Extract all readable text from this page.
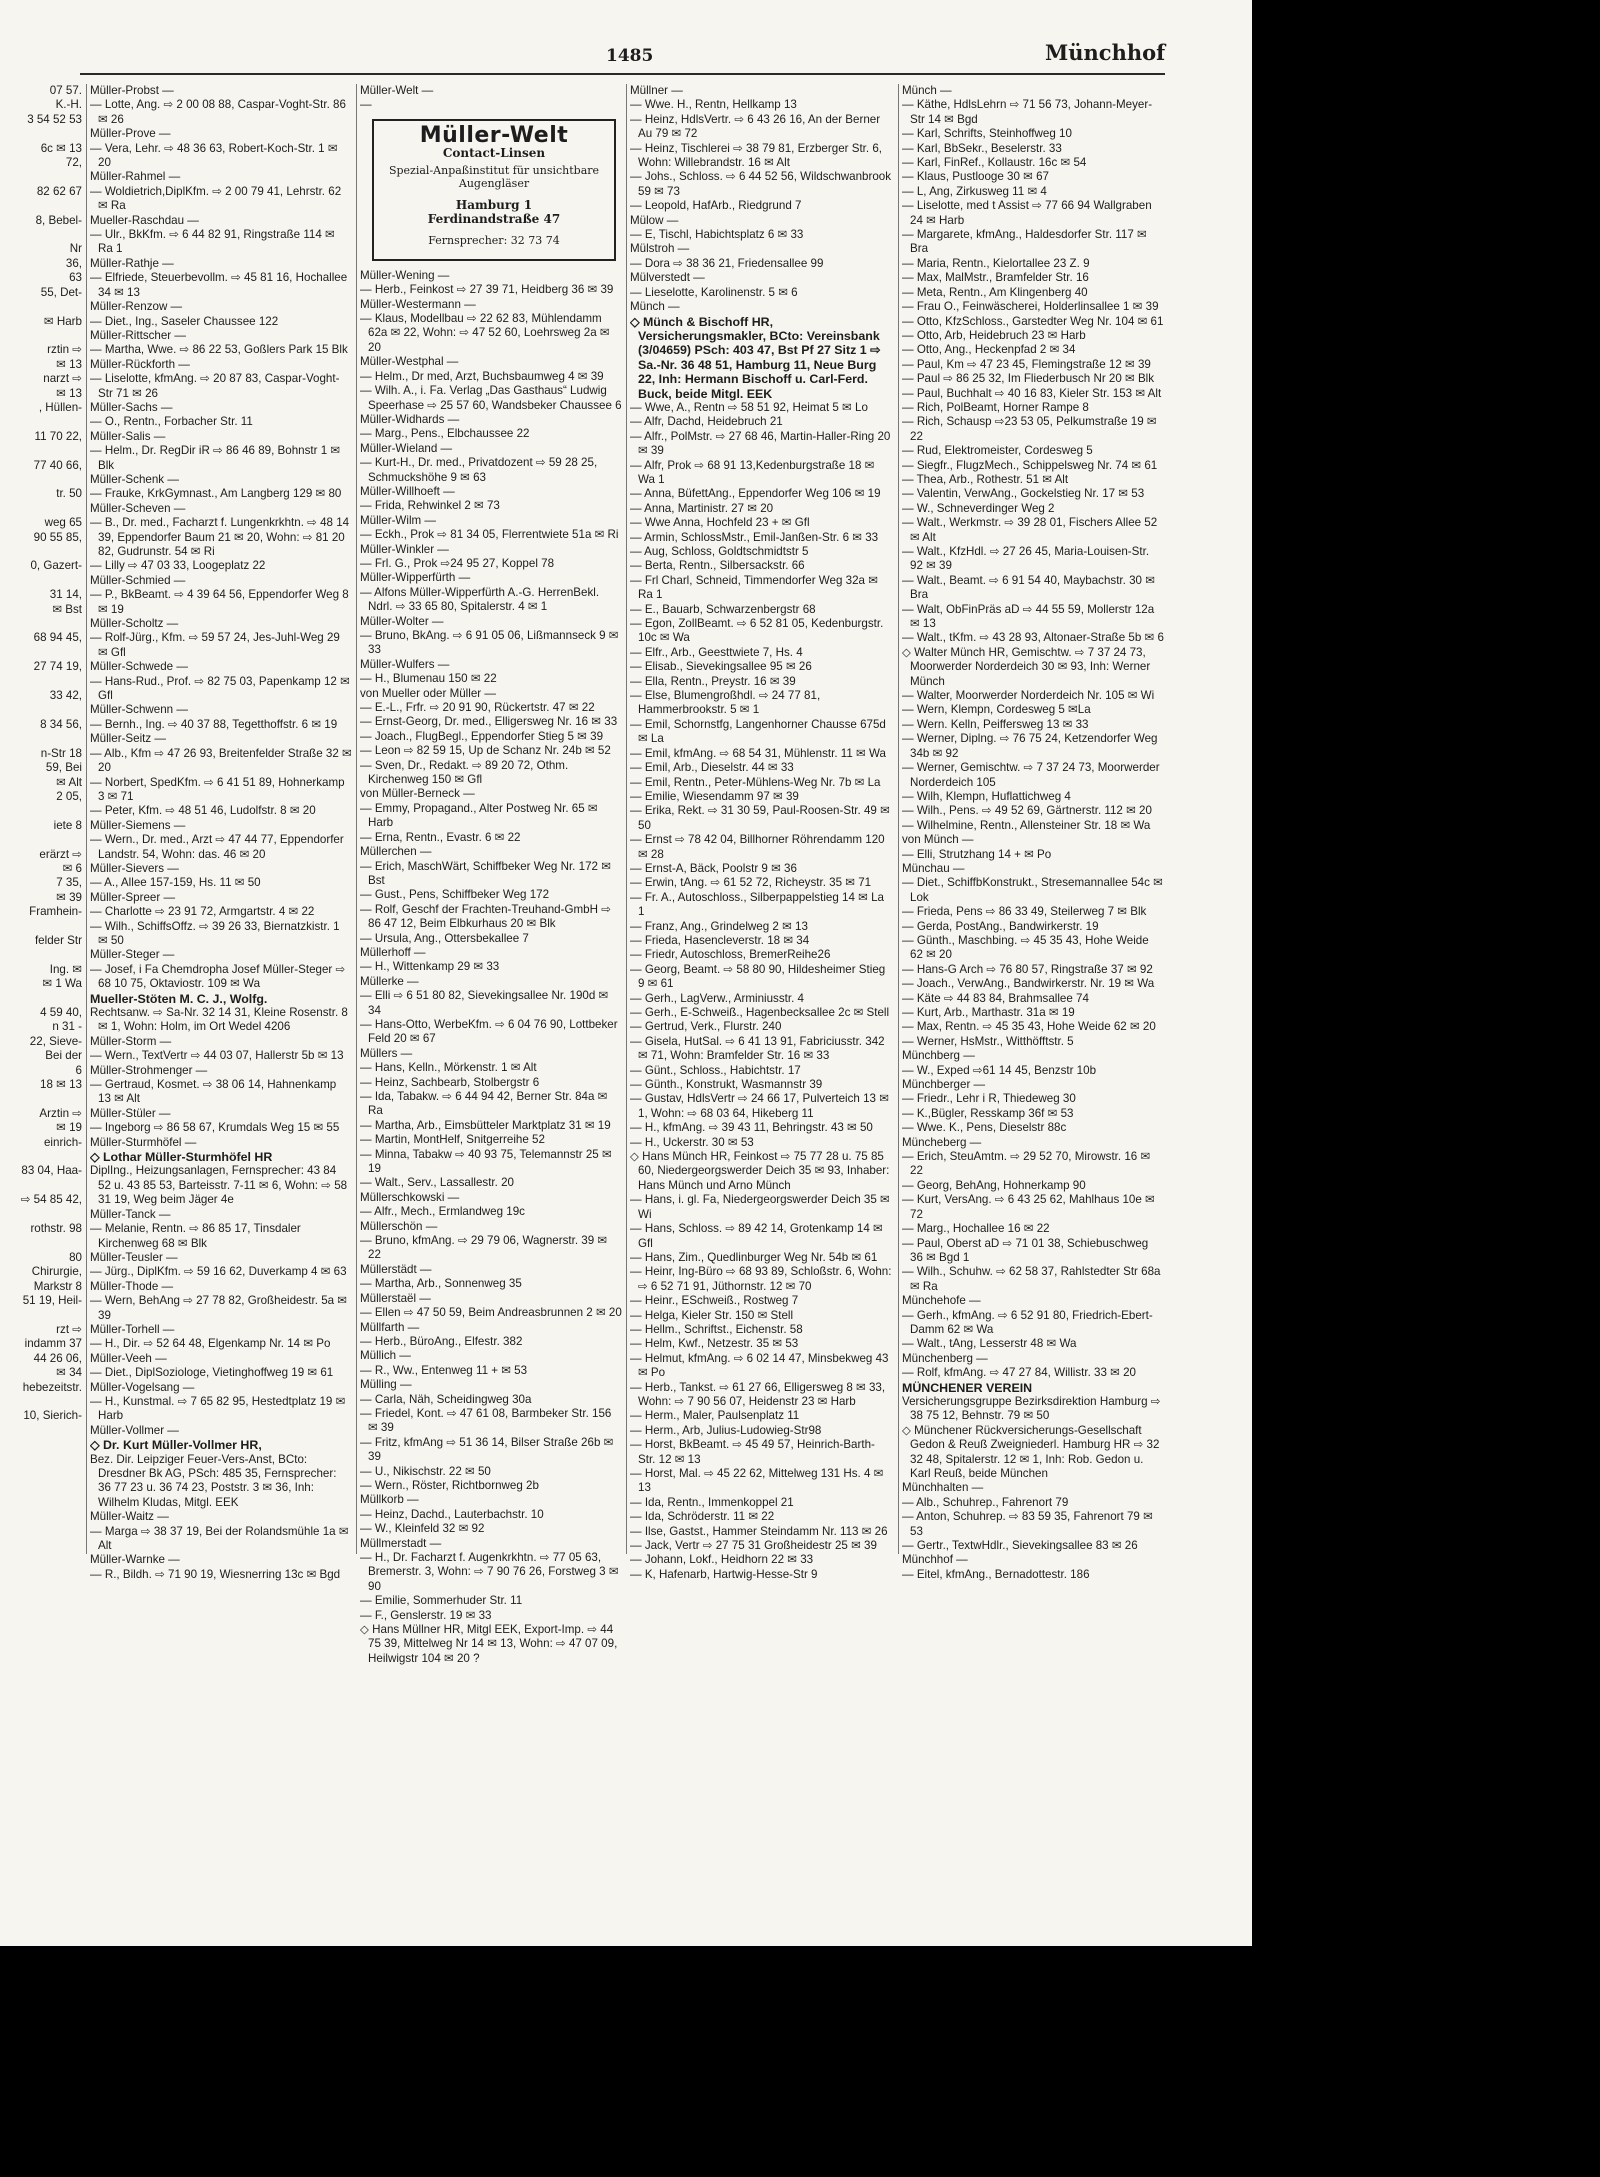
1485	Münchhof
07 57.
K.-H.
3 54 52 53

6c ✉ 13
72,

82 62 67

8, Bebel-

Nr
36,
63
55, Det-

✉ Harb

rztin ⇨
✉ 13
narzt ⇨
✉ 13
, Hüllen-

11 70 22,

77 40 66,

tr. 50

weg 65
90 55 85,

0, Gazert-

31 14,
✉ Bst

68 94 45,

27 74 19,

33 42,

8 34 56,

n-Str 18
59, Bei
✉ Alt
2 05,

iete 8

erärzt ⇨
✉ 6
7 35,
✉ 39
Framhein-

felder Str

Ing. ✉
✉ 1 Wa

4 59 40,
n 31 -
22, Sieve-
Bei der
6
18 ✉ 13

Arztin ⇨
✉ 19
einrich-

83 04, Haa-

⇨ 54 85 42,

rothstr. 98

80
Chirurgie,
Markstr 8
51 19, Heil-

rzt ⇨
indamm 37
44 26 06,
✉ 34
hebezeitstr.

10, Sierich-
Müller-Probst —
— Lotte, Ang. ⇨ 2 00 08 88, Caspar-Voght-Str. 86 ✉ 26
Müller-Prove —
— Vera, Lehr. ⇨ 48 36 63, Robert-Koch-Str. 1 ✉ 20
Müller-Rahmel —
— Woldietrich,DiplKfm. ⇨ 2 00 79 41, Lehrstr. 62 ✉ Ra
Mueller-Raschdau —
— Ulr., BkKfm. ⇨ 6 44 82 91, Ringstraße 114 ✉ Ra 1
Müller-Rathje —
— Elfriede, Steuerbevollm. ⇨ 45 81 16, Hochallee 34 ✉ 13
Müller-Renzow —
— Diet., Ing., Saseler Chaussee 122
Müller-Rittscher —
— Martha, Wwe. ⇨ 86 22 53, Goßlers Park 15 Blk
Müller-Rückforth —
— Liselotte, kfmAng. ⇨ 20 87 83, Caspar-Voght-Str 71 ✉ 26
Müller-Sachs —
— O., Rentn., Forbacher Str. 11
Müller-Salis —
— Helm., Dr. RegDir iR ⇨ 86 46 89, Bohnstr 1 ✉ Blk
Müller-Schenk —
— Frauke, KrkGymnast., Am Langberg 129 ✉ 80
Müller-Scheven —
— B., Dr. med., Facharzt f. Lungenkrkhtn. ⇨ 48 14 39, Eppendorfer Baum 21 ✉ 20, Wohn: ⇨ 81 20 82, Gudrunstr. 54 ✉ Ri
— Lilly ⇨ 47 03 33, Loogeplatz 22
Müller-Schmied —
— P., BkBeamt. ⇨ 4 39 64 56, Eppendorfer Weg 8 ✉ 19
Müller-Scholtz —
— Rolf-Jürg., Kfm. ⇨ 59 57 24, Jes-Juhl-Weg 29 ✉ Gfl
Müller-Schwede —
— Hans-Rud., Prof. ⇨ 82 75 03, Papenkamp 12 ✉ Gfl
Müller-Schwenn —
— Bernh., Ing. ⇨ 40 37 88, Tegetthoffstr. 6 ✉ 19
Müller-Seitz —
— Alb., Kfm ⇨ 47 26 93, Breitenfelder Straße 32 ✉ 20
— Norbert, SpedKfm. ⇨ 6 41 51 89, Hohnerkamp 3 ✉ 71
— Peter, Kfm. ⇨ 48 51 46, Ludolfstr. 8 ✉ 20
Müller-Siemens —
— Wern., Dr. med., Arzt ⇨ 47 44 77, Eppendorfer Landstr. 54, Wohn: das. 46 ✉ 20
Müller-Sievers —
— A., Allee 157-159, Hs. 11 ✉ 50
Müller-Spreer —
— Charlotte ⇨ 23 91 72, Armgartstr. 4 ✉ 22
— Wilh., SchiffsOffz. ⇨ 39 26 33, Biernatzkistr. 1 ✉ 50
Müller-Steger —
— Josef, i Fa Chemdropha Josef Müller-Steger ⇨ 68 10 75, Oktaviostr. 109 ✉ Wa
Mueller-Stöten M. C. J., Wolfg.
Rechtsanw. ⇨ Sa-Nr. 32 14 31, Kleine Rosenstr. 8 ✉ 1, Wohn: Holm, im Ort Wedel 4206
Müller-Storm —
— Wern., TextVertr ⇨ 44 03 07, Hallerstr 5b ✉ 13
Müller-Strohmenger —
— Gertraud, Kosmet. ⇨ 38 06 14, Hahnenkamp 13 ✉ Alt
Müller-Stüler —
— Ingeborg ⇨ 86 58 67, Krumdals Weg 15 ✉ 55
Müller-Sturmhöfel —
◇ Lothar Müller-Sturmhöfel HR
DiplIng., Heizungsanlagen, Fernsprecher: 43 84 52 u. 43 85 53, Barteisstr. 7-11 ✉ 6, Wohn: ⇨ 58 31 19, Weg beim Jäger 4e
Müller-Tanck —
— Melanie, Rentn. ⇨ 86 85 17, Tinsdaler Kirchenweg 68 ✉ Blk
Müller-Teusler —
— Jürg., DiplKfm. ⇨ 59 16 62, Duverkamp 4 ✉ 63
Müller-Thode —
— Wern, BehAng ⇨ 27 78 82, Großheidestr. 5a ✉ 39
Müller-Torhell —
— H., Dir. ⇨ 52 64 48, Elgenkamp Nr. 14 ✉ Po
Müller-Veeh —
— Diet., DiplSoziologe, Vietinghoffweg 19 ✉ 61
Müller-Vogelsang —
— H., Kunstmal. ⇨ 7 65 82 95, Hestedtplatz 19 ✉ Harb
Müller-Vollmer —
◇ Dr. Kurt Müller-Vollmer HR,
Bez. Dir. Leipziger Feuer-Vers-Anst, BCto: Dresdner Bk AG, PSch: 485 35, Fernsprecher: 36 77 23 u. 36 74 23, Poststr. 3 ✉ 36, Inh: Wilhelm Kludas, Mitgl. EEK
Müller-Waitz —
— Marga ⇨ 38 37 19, Bei der Rolandsmühle 1a ✉ Alt
Müller-Warnke —
— R., Bildh. ⇨ 71 90 19, Wiesnerring 13c ✉ Bgd
Müller-Welt —
—
Müller-Welt
Contact-Linsen
Spezial-Anpaßinstitut für unsichtbare Augengläser
Hamburg 1
Ferdinandstraße 47
Fernsprecher: 32 73 74
Müller-Wening —
— Herb., Feinkost ⇨ 27 39 71, Heidberg 36 ✉ 39
Müller-Westermann —
— Klaus, Modellbau ⇨ 22 62 83, Mühlendamm 62a ✉ 22, Wohn: ⇨ 47 52 60, Loehrsweg 2a ✉ 20
Müller-Westphal —
— Helm., Dr med, Arzt, Buchsbaumweg 4 ✉ 39
— Wilh. A., i. Fa. Verlag „Das Gasthaus“ Ludwig Speerhase ⇨ 25 57 60, Wandsbeker Chaussee 6
Müller-Widhards —
— Marg., Pens., Elbchaussee 22
Müller-Wieland —
— Kurt-H., Dr. med., Privatdozent ⇨ 59 28 25, Schmuckshöhe 9 ✉ 63
Müller-Willhoeft —
— Frida, Rehwinkel 2 ✉ 73
Müller-Wilm —
— Eckh., Prok ⇨ 81 34 05, Flerrentwiete 51a ✉ Ri
Müller-Winkler —
— Frl. G., Prok ⇨24 95 27, Koppel 78
Müller-Wipperfürth —
— Alfons Müller-Wipperfürth A.-G. HerrenBekl. Ndrl. ⇨ 33 65 80, Spitalerstr. 4 ✉ 1
Müller-Wolter —
— Bruno, BkAng. ⇨ 6 91 05 06, Lißmannseck 9 ✉ 33
Müller-Wulfers —
— H., Blumenau 150 ✉ 22
von Mueller oder Müller —
— E.-L., Frfr. ⇨ 20 91 90, Rückertstr. 47 ✉ 22
— Ernst-Georg, Dr. med., Elligersweg Nr. 16 ✉ 33
— Joach., FlugBegl., Eppendorfer Stieg 5 ✉ 39
— Leon ⇨ 82 59 15, Up de Schanz Nr. 24b ✉ 52
— Sven, Dr., Redakt. ⇨ 89 20 72, Othm. Kirchenweg 150 ✉ Gfl
von Müller-Berneck —
— Emmy, Propagand., Alter Postweg Nr. 65 ✉ Harb
— Erna, Rentn., Evastr. 6 ✉ 22
Müllerchen —
— Erich, MaschWärt, Schiffbeker Weg Nr. 172 ✉ Bst
— Gust., Pens, Schiffbeker Weg 172
— Rolf, Geschf der Frachten-Treuhand-GmbH ⇨ 86 47 12, Beim Elbkurhaus 20 ✉ Blk
— Ursula, Ang., Ottersbekallee 7
Müllerhoff —
— H., Wittenkamp 29 ✉ 33
Müllerke —
— Elli ⇨ 6 51 80 82, Sievekingsallee Nr. 190d ✉ 34
— Hans-Otto, WerbeKfm. ⇨ 6 04 76 90, Lottbeker Feld 20 ✉ 67
Müllers —
— Hans, Kelln., Mörkenstr. 1 ✉ Alt
— Heinz, Sachbearb, Stolbergstr 6
— Ida, Tabakw. ⇨ 6 44 94 42, Berner Str. 84a ✉ Ra
— Martha, Arb., Eimsbütteler Marktplatz 31 ✉ 19
— Martin, MontHelf, Snitgerreihe 52
— Minna, Tabakw ⇨ 40 93 75, Telemannstr 25 ✉ 19
— Walt., Serv., Lassallestr. 20
Müllerschkowski —
— Alfr., Mech., Ermlandweg 19c
Müllerschön —
— Bruno, kfmAng. ⇨ 29 79 06, Wagnerstr. 39 ✉ 22
Müllerstädt —
— Martha, Arb., Sonnenweg 35
Müllerstaël —
— Ellen ⇨ 47 50 59, Beim Andreasbrunnen 2 ✉ 20
Müllfarth —
— Herb., BüroAng., Elfestr. 382
Müllich —
— R., Ww., Entenweg 11 + ✉ 53
Mülling —
— Carla, Näh, Scheidingweg 30a
— Friedel, Kont. ⇨ 47 61 08, Barmbeker Str. 156 ✉ 39
— Fritz, kfmAng ⇨ 51 36 14, Bilser Straße 26b ✉ 39
— U., Nikischstr. 22 ✉ 50
— Wern., Röster, Richtbornweg 2b
Müllkorb —
— Heinz, Dachd., Lauterbachstr. 10
— W., Kleinfeld 32 ✉ 92
Müllmerstadt —
— H., Dr. Facharzt f. Augenkrkhtn. ⇨ 77 05 63, Bremerstr. 3, Wohn: ⇨ 7 90 76 26, Forstweg 3 ✉ 90
— Emilie, Sommerhuder Str. 11
— F., Genslerstr. 19 ✉ 33
◇ Hans Müllner HR, Mitgl EEK, Export-Imp. ⇨ 44 75 39, Mittelweg Nr 14 ✉ 13, Wohn: ⇨ 47 07 09, Heilwigstr 104 ✉ 20 ?
Müllner —
— Wwe. H., Rentn, Hellkamp 13
— Heinz, HdlsVertr. ⇨ 6 43 26 16, An der Berner Au 79 ✉ 72
— Heinz, Tischlerei ⇨ 38 79 81, Erzberger Str. 6, Wohn: Willebrandstr. 16 ✉ Alt
— Johs., Schloss. ⇨ 6 44 52 56, Wildschwanbrook 59 ✉ 73
— Leopold, HafArb., Riedgrund 7
Mülow —
— E, Tischl, Habichtsplatz 6 ✉ 33
Mülstroh —
— Dora ⇨ 38 36 21, Friedensallee 99
Mülverstedt —
— Lieselotte, Karolinenstr. 5 ✉ 6
Münch —
◇ Münch & Bischoff HR, Versicherungsmakler, BCto: Vereinsbank (3/04659) PSch: 403 47, Bst Pf 27 Sitz 1 ⇨ Sa.-Nr. 36 48 51, Hamburg 11, Neue Burg 22, Inh: Hermann Bischoff u. Carl-Ferd. Buck, beide Mitgl. EEK
— Wwe, A., Rentn ⇨ 58 51 92, Heimat 5 ✉ Lo
— Alfr, Dachd, Heidebruch 21
— Alfr., PolMstr. ⇨ 27 68 46, Martin-Haller-Ring 20 ✉ 39
— Alfr, Prok ⇨ 68 91 13,Kedenburgstraße 18 ✉ Wa 1
— Anna, BüfettAng., Eppendorfer Weg 106 ✉ 19
— Anna, Martinistr. 27 ✉ 20
— Wwe Anna, Hochfeld 23 + ✉ Gfl
— Armin, SchlossMstr., Emil-Janßen-Str. 6 ✉ 33
— Aug, Schloss, Goldtschmidtstr 5
— Berta, Rentn., Silbersackstr. 66
— Frl Charl, Schneid, Timmendorfer Weg 32a ✉ Ra 1
— E., Bauarb, Schwarzenbergstr 68
— Egon, ZollBeamt. ⇨ 6 52 81 05, Kedenburgstr. 10c ✉ Wa
— Elfr., Arb., Geesttwiete 7, Hs. 4
— Elisab., Sievekingsallee 95 ✉ 26
— Ella, Rentn., Preystr. 16 ✉ 39
— Else, Blumengroßhdl. ⇨ 24 77 81, Hammerbrookstr. 5 ✉ 1
— Emil, Schornstfg, Langenhorner Chausse 675d ✉ La
— Emil, kfmAng. ⇨ 68 54 31, Mühlenstr. 11 ✉ Wa
— Emil, Arb., Dieselstr. 44 ✉ 33
— Emil, Rentn., Peter-Mühlens-Weg Nr. 7b ✉ La
— Emilie, Wiesendamm 97 ✉ 39
— Erika, Rekt. ⇨ 31 30 59, Paul-Roosen-Str. 49 ✉ 50
— Ernst ⇨ 78 42 04, Billhorner Röhrendamm 120 ✉ 28
— Ernst-A, Bäck, Poolstr 9 ✉ 36
— Erwin, tAng. ⇨ 61 52 72, Richeystr. 35 ✉ 71
— Fr. A., Autoschloss., Silberpappelstieg 14 ✉ La 1
— Franz, Ang., Grindelweg 2 ✉ 13
— Frieda, Hasencleverstr. 18 ✉ 34
— Friedr, Autoschloss, BremerReihe26
— Georg, Beamt. ⇨ 58 80 90, Hildesheimer Stieg 9 ✉ 61
— Gerh., LagVerw., Arminiusstr. 4
— Gerh., E-Schweiß., Hagenbecksallee 2c ✉ Stell
— Gertrud, Verk., Flurstr. 240
— Gisela, HutSal. ⇨ 6 41 13 91, Fabriciusstr. 342 ✉ 71, Wohn: Bramfelder Str. 16 ✉ 33
— Günt., Schloss., Habichtstr. 17
— Günth., Konstrukt, Wasmannstr 39
— Gustav, HdlsVertr ⇨ 24 66 17, Pulverteich 13 ✉ 1, Wohn: ⇨ 68 03 64, Hikeberg 11
— H., kfmAng. ⇨ 39 43 11, Behringstr. 43 ✉ 50
— H., Uckerstr. 30 ✉ 53
◇ Hans Münch HR, Feinkost ⇨ 75 77 28 u. 75 85 60, Niedergeorgswerder Deich 35 ✉ 93, Inhaber: Hans Münch und Arno Münch
— Hans, i. gl. Fa, Niedergeorgswerder Deich 35 ✉ Wi
— Hans, Schloss. ⇨ 89 42 14, Grotenkamp 14 ✉ Gfl
— Hans, Zim., Quedlinburger Weg Nr. 54b ✉ 61
— Heinr, Ing-Büro ⇨ 68 93 89, Schloßstr. 6, Wohn: ⇨ 6 52 71 91, Jüthornstr. 12 ✉ 70
— Heinr., ESchweiß., Rostweg 7
— Helga, Kieler Str. 150 ✉ Stell
— Hellm., Schriftst., Eichenstr. 58
— Helm, Kwf., Netzestr. 35 ✉ 53
— Helmut, kfmAng. ⇨ 6 02 14 47, Minsbekweg 43 ✉ Po
— Herb., Tankst. ⇨ 61 27 66, Elligersweg 8 ✉ 33, Wohn: ⇨ 7 90 56 07, Heidenstr 23 ✉ Harb
— Herm., Maler, Paulsenplatz 11
— Herm., Arb, Julius-Ludowieg-Str98
— Horst, BkBeamt. ⇨ 45 49 57, Heinrich-Barth-Str. 12 ✉ 13
— Horst, Mal. ⇨ 45 22 62, Mittelweg 131 Hs. 4 ✉ 13
— Ida, Rentn., Immenkoppel 21
— Ida, Schröderstr. 11 ✉ 22
— Ilse, Gastst., Hammer Steindamm Nr. 113 ✉ 26
— Jack, Vertr ⇨ 27 75 31 Großheidestr 25 ✉ 39
— Johann, Lokf., Heidhorn 22 ✉ 33
— K, Hafenarb, Hartwig-Hesse-Str 9
Münch —
— Käthe, HdlsLehrn ⇨ 71 56 73, Johann-Meyer-Str 14 ✉ Bgd
— Karl, Schrifts, Steinhoffweg 10
— Karl, BbSekr., Beselerstr. 33
— Karl, FinRef., Kollaustr. 16c ✉ 54
— Klaus, Pustlooge 30 ✉ 67
— L, Ang, Zirkusweg 11 ✉ 4
— Liselotte, med t Assist ⇨ 77 66 94 Wallgraben 24 ✉ Harb
— Margarete, kfmAng., Haldesdorfer Str. 117 ✉ Bra
— Maria, Rentn., Kielortallee 23 Z. 9
— Max, MalMstr., Bramfelder Str. 16
— Meta, Rentn., Am Klingenberg 40
— Frau O., Feinwäscherei, Holderlinsallee 1 ✉ 39
— Otto, KfzSchloss., Garstedter Weg Nr. 104 ✉ 61
— Otto, Arb, Heidebruch 23 ✉ Harb
— Otto, Ang., Heckenpfad 2 ✉ 34
— Paul, Km ⇨ 47 23 45, Flemingstraße 12 ✉ 39
— Paul ⇨ 86 25 32, Im Fliederbusch Nr 20 ✉ Blk
— Paul, Buchhalt ⇨ 40 16 83, Kieler Str. 153 ✉ Alt
— Rich, PolBeamt, Horner Rampe 8
— Rich, Schausp ⇨23 53 05, Pelkumstraße 19 ✉ 22
— Rud, Elektromeister, Cordesweg 5
— Siegfr., FlugzMech., Schippelsweg Nr. 74 ✉ 61
— Thea, Arb., Rothestr. 51 ✉ Alt
— Valentin, VerwAng., Gockelstieg Nr. 17 ✉ 53
— W., Schneverdinger Weg 2
— Walt., Werkmstr. ⇨ 39 28 01, Fischers Allee 52 ✉ Alt
— Walt., KfzHdl. ⇨ 27 26 45, Maria-Louisen-Str. 92 ✉ 39
— Walt., Beamt. ⇨ 6 91 54 40, Maybachstr. 30 ✉ Bra
— Walt, ObFinPräs aD ⇨ 44 55 59, Mollerstr 12a ✉ 13
— Walt., tKfm. ⇨ 43 28 93, Altonaer-Straße 5b ✉ 6
◇ Walter Münch HR, Gemischtw. ⇨ 7 37 24 73, Moorwerder Norderdeich 30 ✉ 93, Inh: Werner Münch
— Walter, Moorwerder Norderdeich Nr. 105 ✉ Wi
— Wern, Klempn, Cordesweg 5 ✉La
— Wern. Kelln, Peiffersweg 13 ✉ 33
— Werner, Diplng. ⇨ 76 75 24, Ketzendorfer Weg 34b ✉ 92
— Werner, Gemischtw. ⇨ 7 37 24 73, Moorwerder Norderdeich 105
— Wilh, Klempn, Huflattichweg 4
— Wilh., Pens. ⇨ 49 52 69, Gärtnerstr. 112 ✉ 20
— Wilhelmine, Rentn., Allensteiner Str. 18 ✉ Wa
von Münch —
— Elli, Strutzhang 14 + ✉ Po
Münchau —
— Diet., SchiffbKonstrukt., Stresemannallee 54c ✉ Lok
— Frieda, Pens ⇨ 86 33 49, Steilerweg 7 ✉ Blk
— Gerda, PostAng., Bandwirkerstr. 19
— Günth., Maschbing. ⇨ 45 35 43, Hohe Weide 62 ✉ 20
— Hans-G Arch ⇨ 76 80 57, Ringstraße 37 ✉ 92
— Joach., VerwAng., Bandwirkerstr. Nr. 19 ✉ Wa
— Käte ⇨ 44 83 84, Brahmsallee 74
— Kurt, Arb., Marthastr. 31a ✉ 19
— Max, Rentn. ⇨ 45 35 43, Hohe Weide 62 ✉ 20
— Werner, HsMstr., Witthöfftstr. 5
Münchberg —
— W., Exped ⇨61 14 45, Benzstr 10b
Münchberger —
— Friedr., Lehr i R, Thiedeweg 30
— K.,Bügler, Resskamp 36f ✉ 53
— Wwe. K., Pens, Dieselstr 88c
Müncheberg —
— Erich, SteuAmtm. ⇨ 29 52 70, Mirowstr. 16 ✉ 22
— Georg, BehAng, Hohnerkamp 90
— Kurt, VersAng. ⇨ 6 43 25 62, Mahlhaus 10e ✉ 72
— Marg., Hochallee 16 ✉ 22
— Paul, Oberst aD ⇨ 71 01 38, Schiebuschweg 36 ✉ Bgd 1
— Wilh., Schuhw. ⇨ 62 58 37, Rahlstedter Str 68a ✉ Ra
Münchehofe —
— Gerh., kfmAng. ⇨ 6 52 91 80, Friedrich-Ebert-Damm 62 ✉ Wa
— Walt., tAng, Lesserstr 48 ✉ Wa
Münchenberg —
— Rolf, kfmAng. ⇨ 47 27 84, Willistr. 33 ✉ 20
MÜNCHENER VEREIN
Versicherungsgruppe Bezirksdirektion Hamburg ⇨ 38 75 12, Behnstr. 79 ✉ 50
◇ Münchener Rückversicherungs-Gesellschaft Gedon & Reuß Zweigniederl. Hamburg HR ⇨ 32 32 48, Spitalerstr. 12 ✉ 1, Inh: Rob. Gedon u. Karl Reuß, beide München
Münchhalten —
— Alb., Schuhrep., Fahrenort 79
— Anton, Schuhrep. ⇨ 83 59 35, Fahrenort 79 ✉ 53
— Gertr., TextwHdlr., Sievekingsallee 83 ✉ 26
Münchhof —
— Eitel, kfmAng., Bernadottestr. 186
